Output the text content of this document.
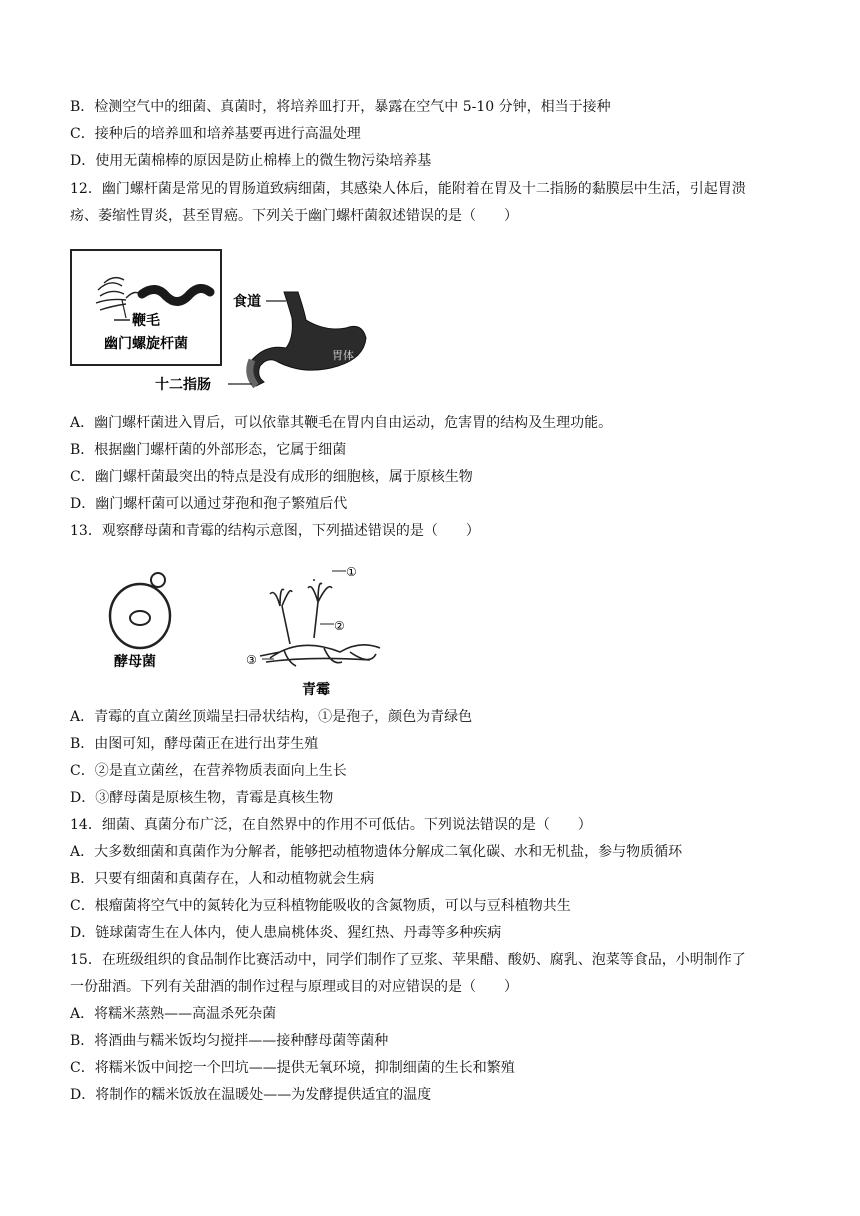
B．检测空气中的细菌、真菌时，将培养皿打开，暴露在空气中 5-10 分钟，相当于接种
C．接种后的培养皿和培养基要再进行高温处理
D．使用无菌棉棒的原因是防止棉棒上的微生物污染培养基
12．幽门螺杆菌是常见的胃肠道致病细菌，其感染人体后，能附着在胃及十二指肠的黏膜层中生活，引起胃溃
疡、萎缩性胃炎，甚至胃癌。下列关于幽门螺杆菌叙述错误的是（　　）
鞭毛
幽门螺旋杆菌
食道
胃体
十二指肠
A．幽门螺杆菌进入胃后，可以依靠其鞭毛在胃内自由运动，危害胃的结构及生理功能。
B．根据幽门螺杆菌的外部形态，它属于细菌
C．幽门螺杆菌最突出的特点是没有成形的细胞核，属于原核生物
D．幽门螺杆菌可以通过芽孢和孢子繁殖后代
13．观察酵母菌和青霉的结构示意图，下列描述错误的是（　　）
酵母菌
①
②
③
青霉
A．青霉的直立菌丝顶端呈扫帚状结构，①是孢子，颜色为青绿色
B．由图可知，酵母菌正在进行出芽生殖
C．②是直立菌丝，在营养物质表面向上生长
D．③酵母菌是原核生物，青霉是真核生物
14．细菌、真菌分布广泛，在自然界中的作用不可低估。下列说法错误的是（　　）
A．大多数细菌和真菌作为分解者，能够把动植物遗体分解成二氧化碳、水和无机盐，参与物质循环
B．只要有细菌和真菌存在，人和动植物就会生病
C．根瘤菌将空气中的氮转化为豆科植物能吸收的含氮物质，可以与豆科植物共生
D．链球菌寄生在人体内，使人患扁桃体炎、猩红热、丹毒等多种疾病
15．在班级组织的食品制作比赛活动中，同学们制作了豆浆、苹果醋、酸奶、腐乳、泡菜等食品，小明制作了
一份甜酒。下列有关甜酒的制作过程与原理或目的对应错误的是（　　）
A．将糯米蒸熟——高温杀死杂菌
B．将酒曲与糯米饭均匀搅拌——接种酵母菌等菌种
C．将糯米饭中间挖一个凹坑——提供无氧环境，抑制细菌的生长和繁殖
D．将制作的糯米饭放在温暖处——为发酵提供适宜的温度
